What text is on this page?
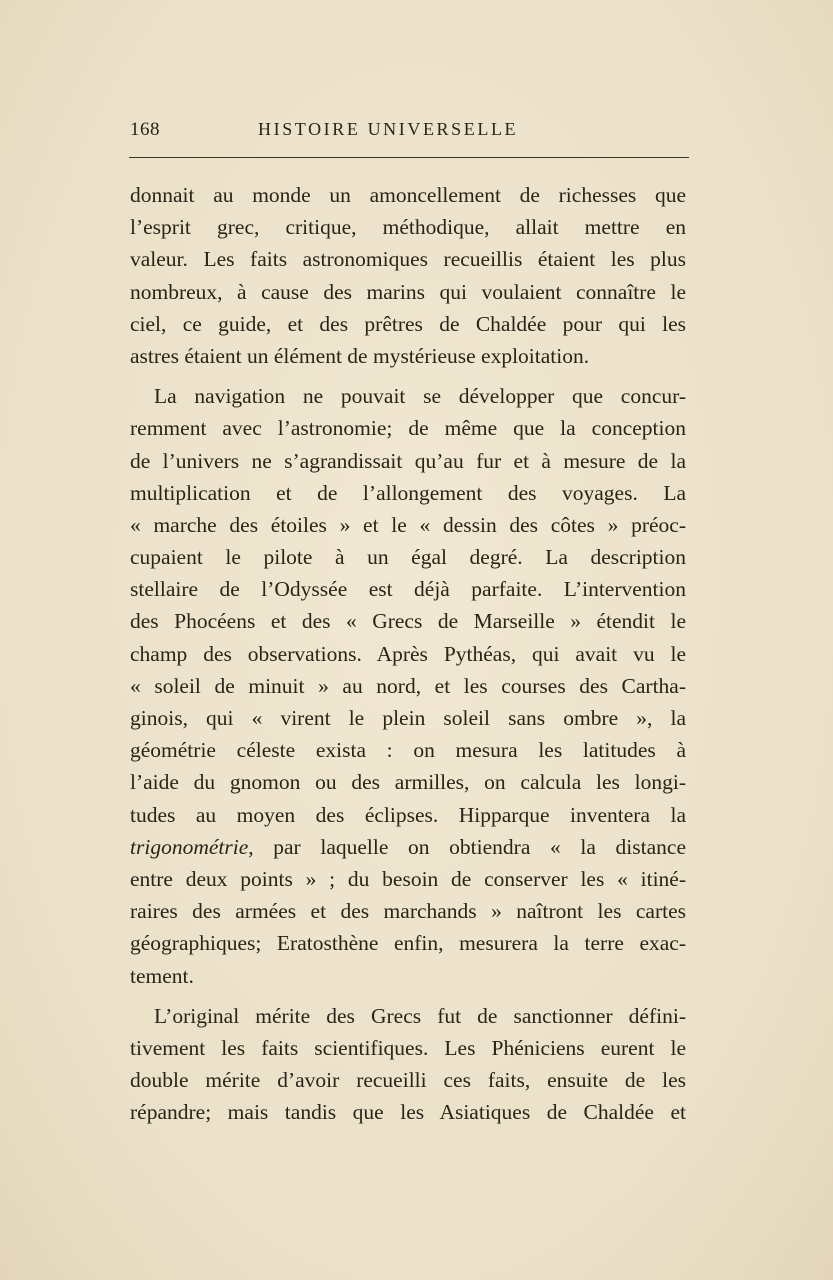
168	HISTOIRE UNIVERSELLE
donnait au monde un amoncellement de richesses que
l’esprit grec, critique, méthodique, allait mettre en
valeur. Les faits astronomiques recueillis étaient les plus
nombreux, à cause des marins qui voulaient connaître le
ciel, ce guide, et des prêtres de Chaldée pour qui les
astres étaient un élément de mystérieuse exploitation.
La navigation ne pouvait se développer que concur-
remment avec l’astronomie; de même que la conception
de l’univers ne s’agrandissait qu’au fur et à mesure de la
multiplication et de l’allongement des voyages. La
« marche des étoiles » et le « dessin des côtes » préoc-
cupaient le pilote à un égal degré. La description
stellaire de l’Odyssée est déjà parfaite. L’intervention
des Phocéens et des « Grecs de Marseille » étendit le
champ des observations. Après Pythéas, qui avait vu le
« soleil de minuit » au nord, et les courses des Cartha-
ginois, qui « virent le plein soleil sans ombre », la
géométrie céleste exista : on mesura les latitudes à
l’aide du gnomon ou des armilles, on calcula les longi-
tudes au moyen des éclipses. Hipparque inventera la
trigonométrie, par laquelle on obtiendra « la distance
entre deux points » ; du besoin de conserver les « itiné-
raires des armées et des marchands » naîtront les cartes
géographiques; Eratosthène enfin, mesurera la terre exac-
tement.
L’original mérite des Grecs fut de sanctionner défini-
tivement les faits scientifiques. Les Phéniciens eurent le
double mérite d’avoir recueilli ces faits, ensuite de les
répandre; mais tandis que les Asiatiques de Chaldée et
